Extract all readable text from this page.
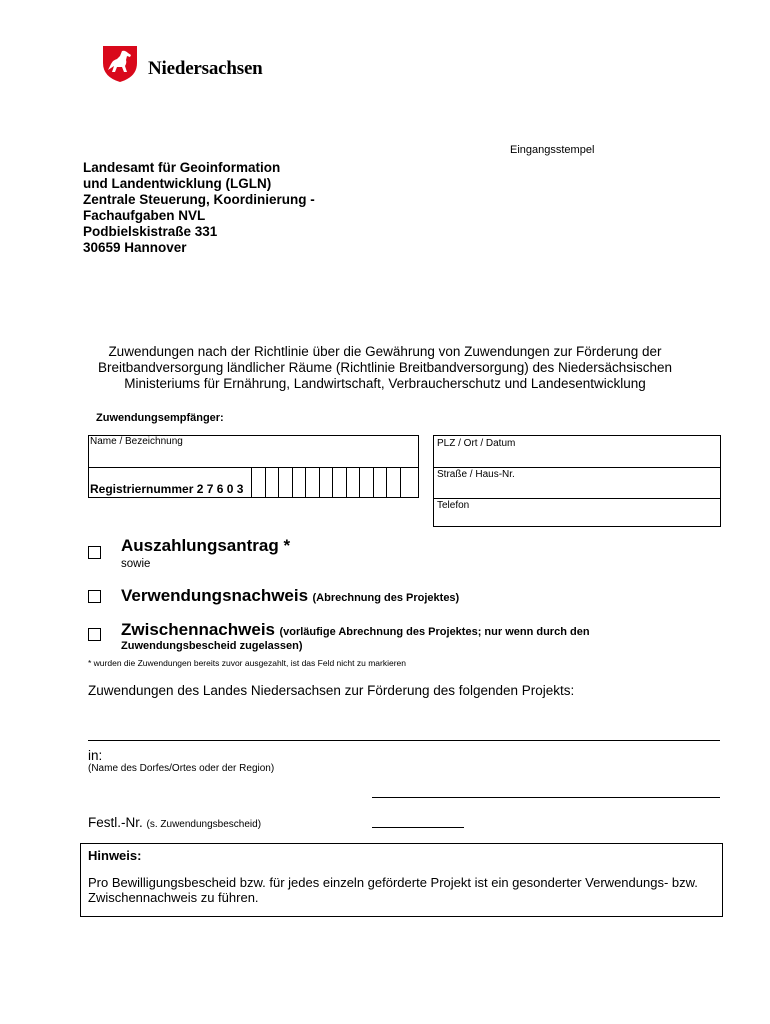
Niedersachsen
Eingangsstempel
Landesamt für Geoinformation
und Landentwicklung (LGLN)
Zentrale Steuerung, Koordinierung -
Fachaufgaben NVL
Podbielskistraße 331
30659 Hannover
Zuwendungen nach der Richtlinie über die Gewährung von Zuwendungen zur Förderung der
Breitbandversorgung ländlicher Räume (Richtlinie Breitbandversorgung) des Niedersächsischen
Ministeriums für Ernährung, Landwirtschaft, Verbraucherschutz und Landesentwicklung
Zuwendungsempfänger:
Name / Bezeichnung
Registriernummer 2 7 6 0 3
PLZ / Ort / Datum
Straße / Haus-Nr.
Telefon
Auszahlungsantrag *
sowie
Verwendungsnachweis (Abrechnung des Projektes)
Zwischennachweis (vorläufige Abrechnung des Projektes; nur wenn durch den
Zuwendungsbescheid zugelassen)
* wurden die Zuwendungen bereits zuvor ausgezahlt, ist das Feld nicht zu markieren
Zuwendungen des Landes Niedersachsen zur Förderung des folgenden Projekts:
in:
(Name des Dorfes/Ortes oder der Region)
Festl.-Nr. (s. Zuwendungsbescheid)
Hinweis:
Pro Bewilligungsbescheid bzw. für jedes einzeln geförderte Projekt ist ein gesonderter Verwendungs- bzw.
Zwischennachweis zu führen.
